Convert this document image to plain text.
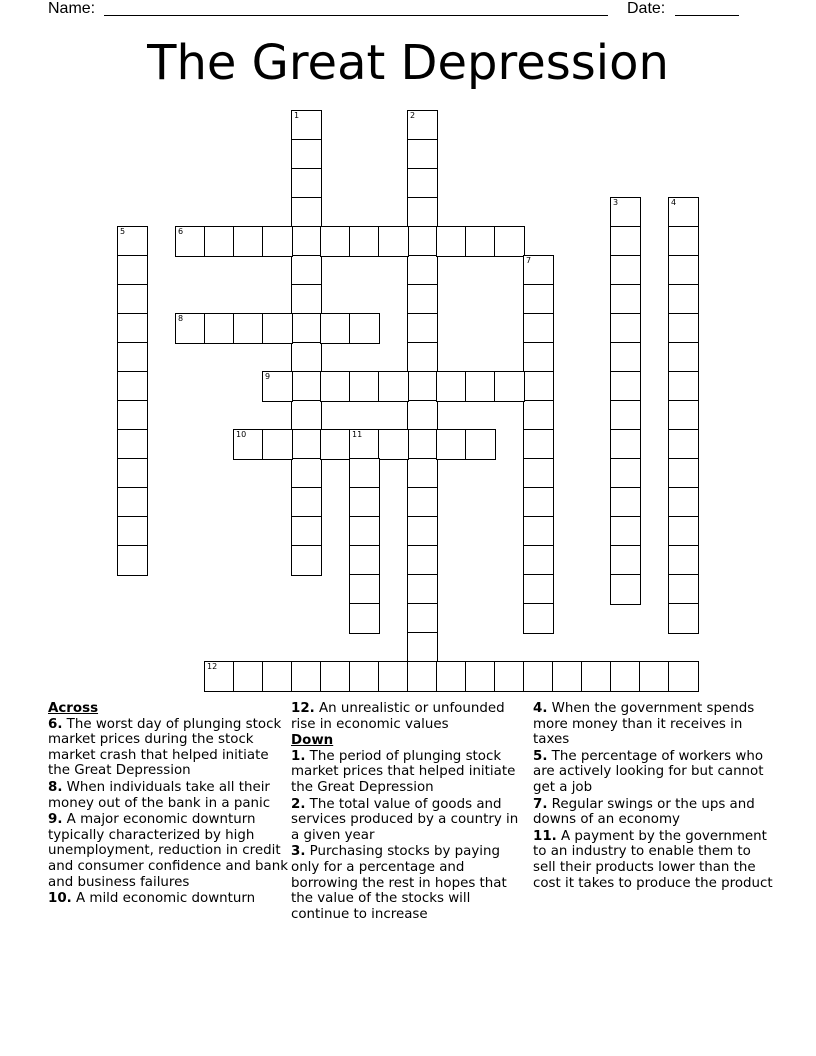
Name:	Date:
The Great Depression
1	2
3	4
5	6
7
8
9
10	11
12
Across
6. The worst day of plunging stock market prices during the stock market crash that helped initiate the Great Depression
8. When individuals take all their money out of the bank in a panic
9. A major economic downturn typically characterized by high unemployment, reduction in credit and consumer confidence and bank and business failures
10. A mild economic downturn
12. An unrealistic or unfounded rise in economic values
Down
1. The period of plunging stock market prices that helped initiate the Great Depression
2. The total value of goods and services produced by a country in a given year
3. Purchasing stocks by paying only for a percentage and borrowing the rest in hopes that the value of the stocks will continue to increase
4. When the government spends more money than it receives in taxes
5. The percentage of workers who are actively looking for but cannot get a job
7. Regular swings or the ups and downs of an economy
11. A payment by the government to an industry to enable them to sell their products lower than the cost it takes to produce the product
